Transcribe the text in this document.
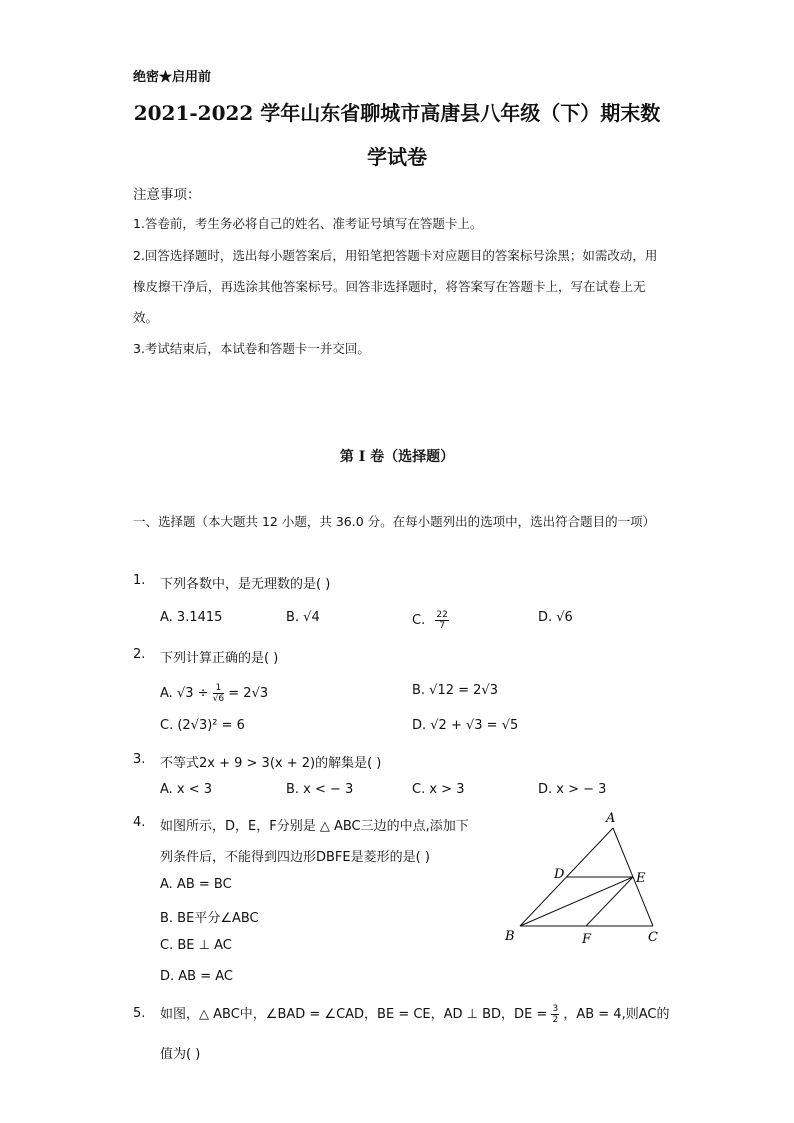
绝密★启用前
2021-2022 学年山东省聊城市高唐县八年级（下）期末数
学试卷
注意事项：
1.答卷前，考生务必将自己的姓名、准考证号填写在答题卡上。
2.回答选择题时，选出每小题答案后，用铅笔把答题卡对应题目的答案标号涂黑；如需改动，用橡皮擦干净后，再选涂其他答案标号。回答非选择题时，将答案写在答题卡上，写在试卷上无效。
3.考试结束后，本试卷和答题卡一并交回。
第 I 卷（选择题）
一、选择题（本大题共 12 小题，共 36.0 分。在每小题列出的选项中，选出符合题目的一项）
1. 下列各数中，是无理数的是( )
A. 3.1415	B. √4	C. $\frac{22}{7}$	D. √6
2. 下列计算正确的是( )
A. $√3 \div \frac{1}{√6} = 2√3$	B. √12 = 2√3
C. (2√3)² = 6	D. √2 + √3 = √5
3. 不等式2x + 9 > 3(x + 2)的解集是( )
A. x < 3	B. x < − 3	C. x > 3	D. x > − 3
4. 如图所示，D，E，F分别是 △ ABC三边的中点,添加下
列条件后，不能得到四边形DBFE是菱形的是( )
A. AB = BC
B. BE平分∠ABC
C. BE ⊥ AC
D. AB = AC
A
B	C
D	E
F
5. 如图，△ ABC中，∠BAD = ∠CAD，BE = CE，AD ⊥ BD，DE = $\frac{3}{2}$ ，AB = 4,则AC的
值为( )
